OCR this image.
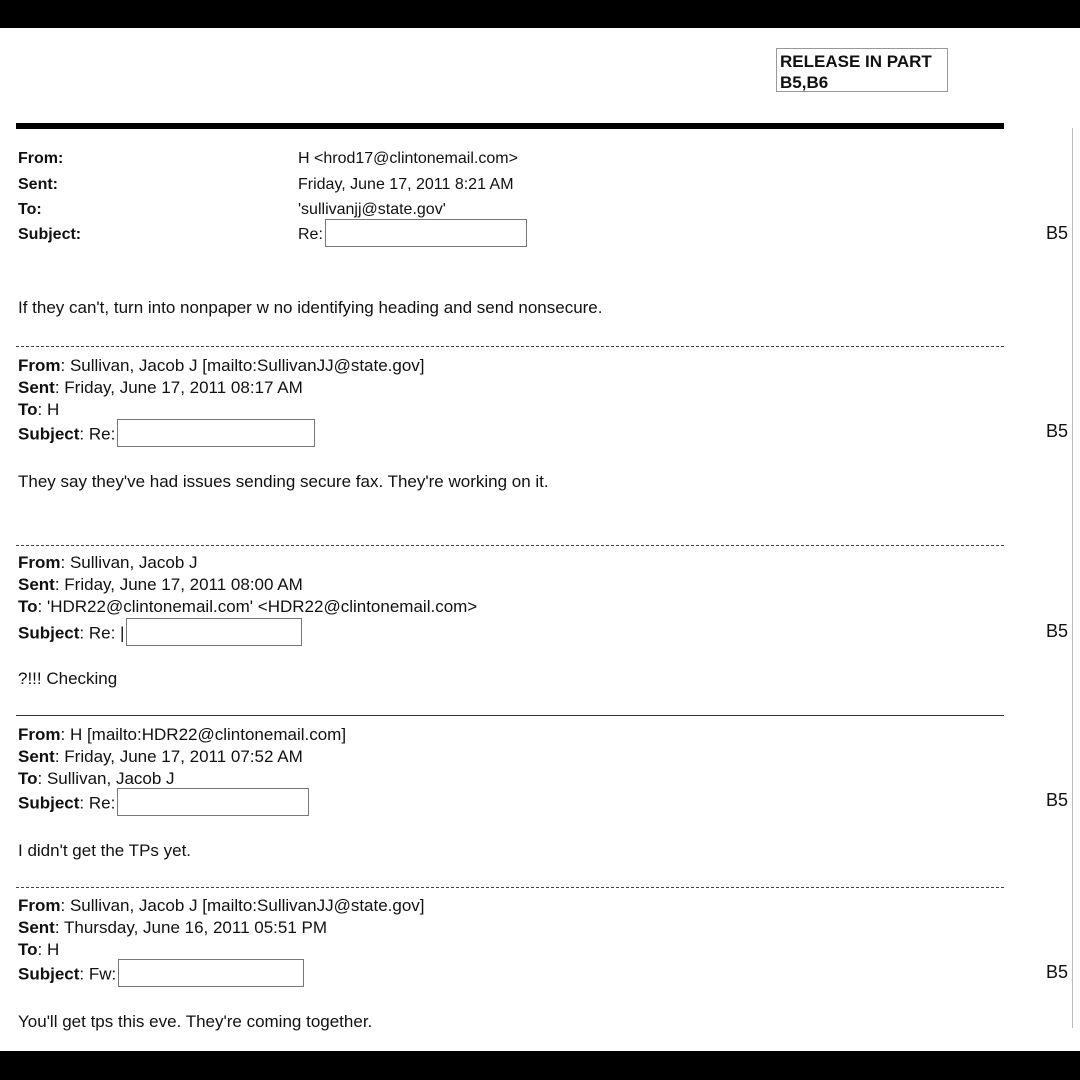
RELEASE IN PART
B5,B6
From:	H <hrod17@clintonemail.com>
Sent:	Friday, June 17, 2011 8:21 AM
To:	'sullivanjj@state.gov'
Subject:	Re:	B5
If they can't, turn into nonpaper w no identifying heading and send nonsecure.
From: Sullivan, Jacob J [mailto:SullivanJJ@state.gov]
Sent: Friday, June 17, 2011 08:17 AM
To: H
Subject: Re:	B5
They say they've had issues sending secure fax. They're working on it.
From: Sullivan, Jacob J
Sent: Friday, June 17, 2011 08:00 AM
To: 'HDR22@clintonemail.com' <HDR22@clintonemail.com>
Subject: Re: |	B5
?!!! Checking
From: H [mailto:HDR22@clintonemail.com]
Sent: Friday, June 17, 2011 07:52 AM
To: Sullivan, Jacob J
Subject: Re:	B5
I didn't get the TPs yet.
From: Sullivan, Jacob J [mailto:SullivanJJ@state.gov]
Sent: Thursday, June 16, 2011 05:51 PM
To: H
Subject: Fw:	B5
You'll get tps this eve. They're coming together.
